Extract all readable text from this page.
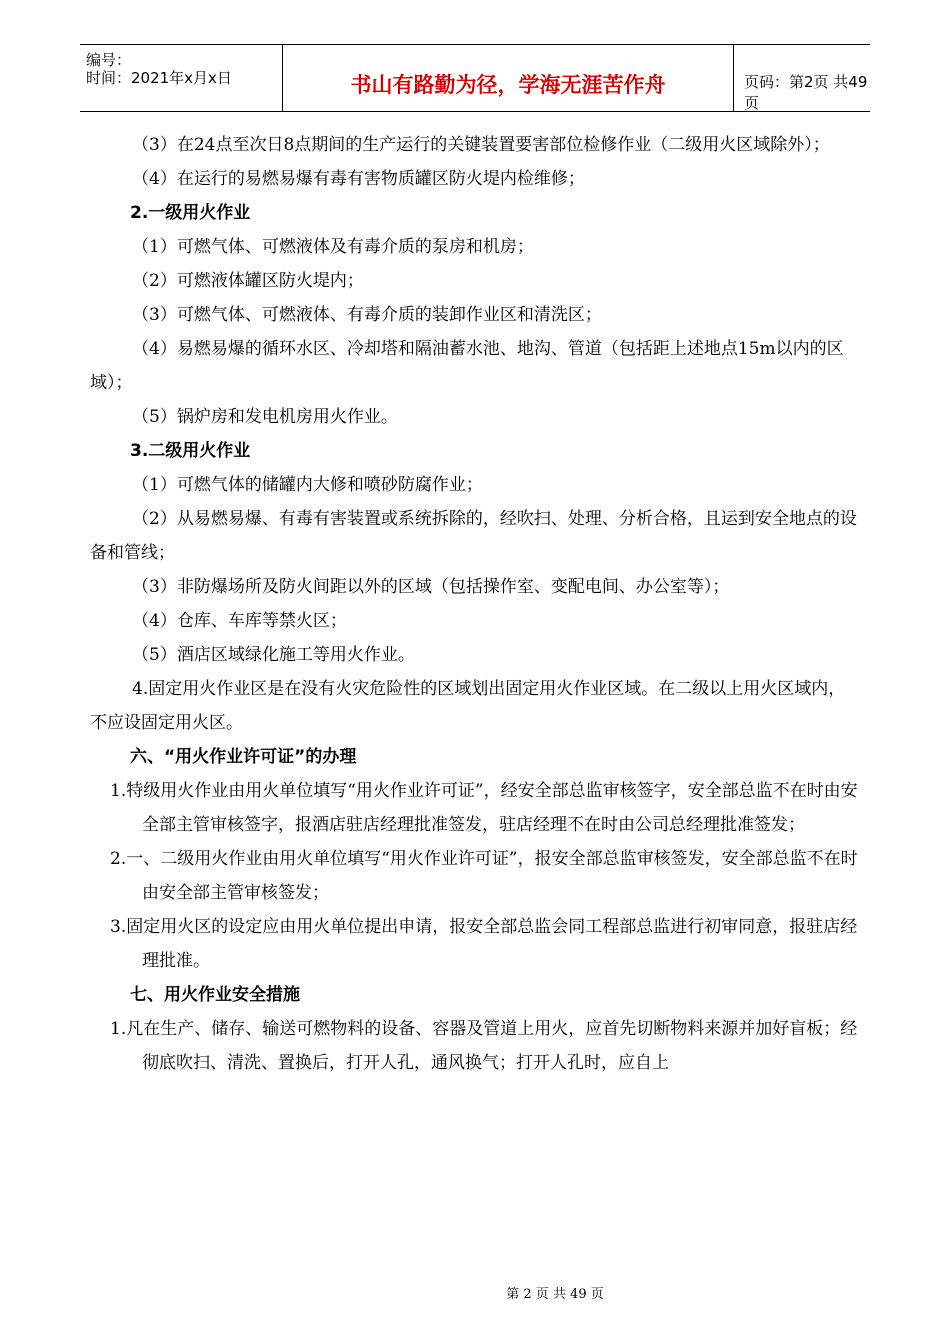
编号：
时间：2021年x月x日	书山有路勤为径，学海无涯苦作舟	页码：第2页 共49页

（3）在24点至次日8点期间的生产运行的关键装置要害部位检修作业（二级用火区域除外）；

（4）在运行的易燃易爆有毒有害物质罐区防火堤内检维修；

2.一级用火作业

（1）可燃气体、可燃液体及有毒介质的泵房和机房；

（2）可燃液体罐区防火堤内；

（3）可燃气体、可燃液体、有毒介质的装卸作业区和清洗区；

（4）易燃易爆的循环水区、冷却塔和隔油蓄水池、地沟、管道（包括距上述地点15m以内的区域）；

（5）锅炉房和发电机房用火作业。

3.二级用火作业

（1）可燃气体的储罐内大修和喷砂防腐作业；

（2）从易燃易爆、有毒有害装置或系统拆除的，经吹扫、处理、分析合格，且运到安全地点的设备和管线；

（3）非防爆场所及防火间距以外的区域（包括操作室、变配电间、办公室等）；

（4）仓库、车库等禁火区；

（5）酒店区域绿化施工等用火作业。

4.固定用火作业区是在没有火灾危险性的区域划出固定用火作业区域。在二级以上用火区域内，不应设固定用火区。

六、“用火作业许可证”的办理

1.特级用火作业由用火单位填写“用火作业许可证”，经安全部总监审核签字，安全部总监不在时由安全部主管审核签字，报酒店驻店经理批准签发，驻店经理不在时由公司总经理批准签发；

2.一、二级用火作业由用火单位填写“用火作业许可证”，报安全部总监审核签发，安全部总监不在时由安全部主管审核签发；

3.固定用火区的设定应由用火单位提出申请，报安全部总监会同工程部总监进行初审同意，报驻店经理批准。

七、用火作业安全措施

1.凡在生产、储存、输送可燃物料的设备、容器及管道上用火，应首先切断物料来源并加好盲板；经彻底吹扫、清洗、置换后，打开人孔，通风换气；打开人孔时，应自上

第 2 页 共 49 页
